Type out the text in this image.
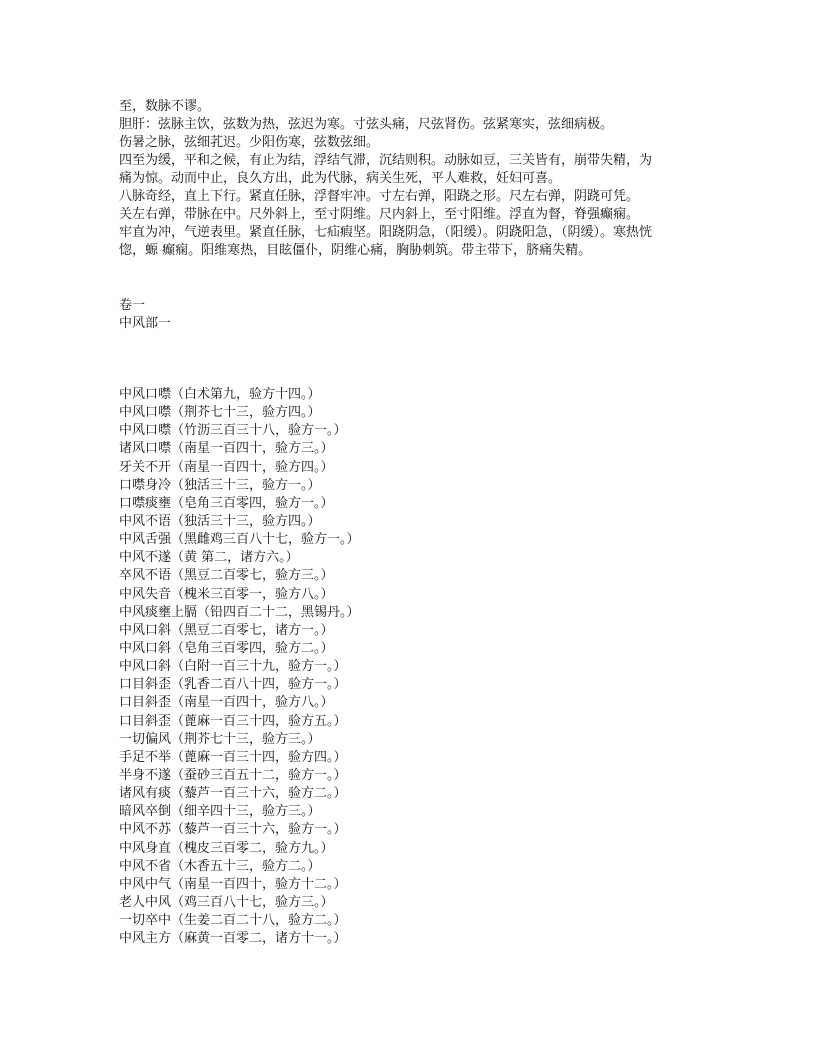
至，数脉不谬。
胆肝：弦脉主饮，弦数为热，弦迟为寒。寸弦头痛，尺弦肾伤。弦紧寒实，弦细病极。
伤暑之脉，弦细芤迟。少阳伤寒，弦数弦细。
四至为缓，平和之候，有止为结，浮结气滞，沉结则积。动脉如豆，三关皆有，崩带失精，为
痛为惊。动而中止，良久方出，此为代脉，病关生死，平人难救，妊妇可喜。
八脉奇经，直上下行。紧直任脉，浮督牢冲。寸左右弹，阳跷之形。尺左右弹，阴跷可凭。
关左右弹，带脉在中。尺外斜上，至寸阴维。尺内斜上，至寸阳维。浮直为督，脊强癫痫。
牢直为冲，气逆表里。紧直任脉，七疝瘕坚。阳跷阴急，（阳缓）。阴跷阳急，（阴缓）。寒热恍
惚，螈 癫痫。阳维寒热，目眩僵仆，阴维心痛，胸胁刺筑。带主带下，脐痛失精。
卷一
中风部一
中风口噤（白术第九，验方十四。）
中风口噤（荆芥七十三，验方四。）
中风口噤（竹沥三百三十八，验方一。）
诸风口噤（南星一百四十，验方三。）
牙关不开（南星一百四十，验方四。）
口噤身冷（独活三十三，验方一。）
口噤痰壅（皂角三百零四，验方一。）
中风不语（独活三十三，验方四。）
中风舌强（黑雌鸡三百八十七，验方一。）
中风不遂（黄 第二，诸方六。）
卒风不语（黑豆二百零七，验方三。）
中风失音（槐米三百零一，验方八。）
中风痰壅上膈（铅四百二十二，黑锡丹。）
中风口斜（黑豆二百零七，诸方一。）
中风口斜（皂角三百零四，验方二。）
中风口斜（白附一百三十九，验方一。）
口目斜歪（乳香二百八十四，验方一。）
口目斜歪（南星一百四十，验方八。）
口目斜歪（蓖麻一百三十四，验方五。）
一切偏风（荆芥七十三，验方三。）
手足不举（蓖麻一百三十四，验方四。）
半身不遂（蚕砂三百五十二，验方一。）
诸风有痰（藜芦一百三十六，验方二。）
暗风卒倒（细辛四十三，验方三。）
中风不苏（藜芦一百三十六，验方一。）
中风身直（槐皮三百零二，验方九。）
中风不省（木香五十三，验方二。）
中风中气（南星一百四十，验方十二。）
老人中风（鸡三百八十七，验方三。）
一切卒中（生姜二百二十八，验方二。）
中风主方（麻黄一百零二，诸方十一。）
